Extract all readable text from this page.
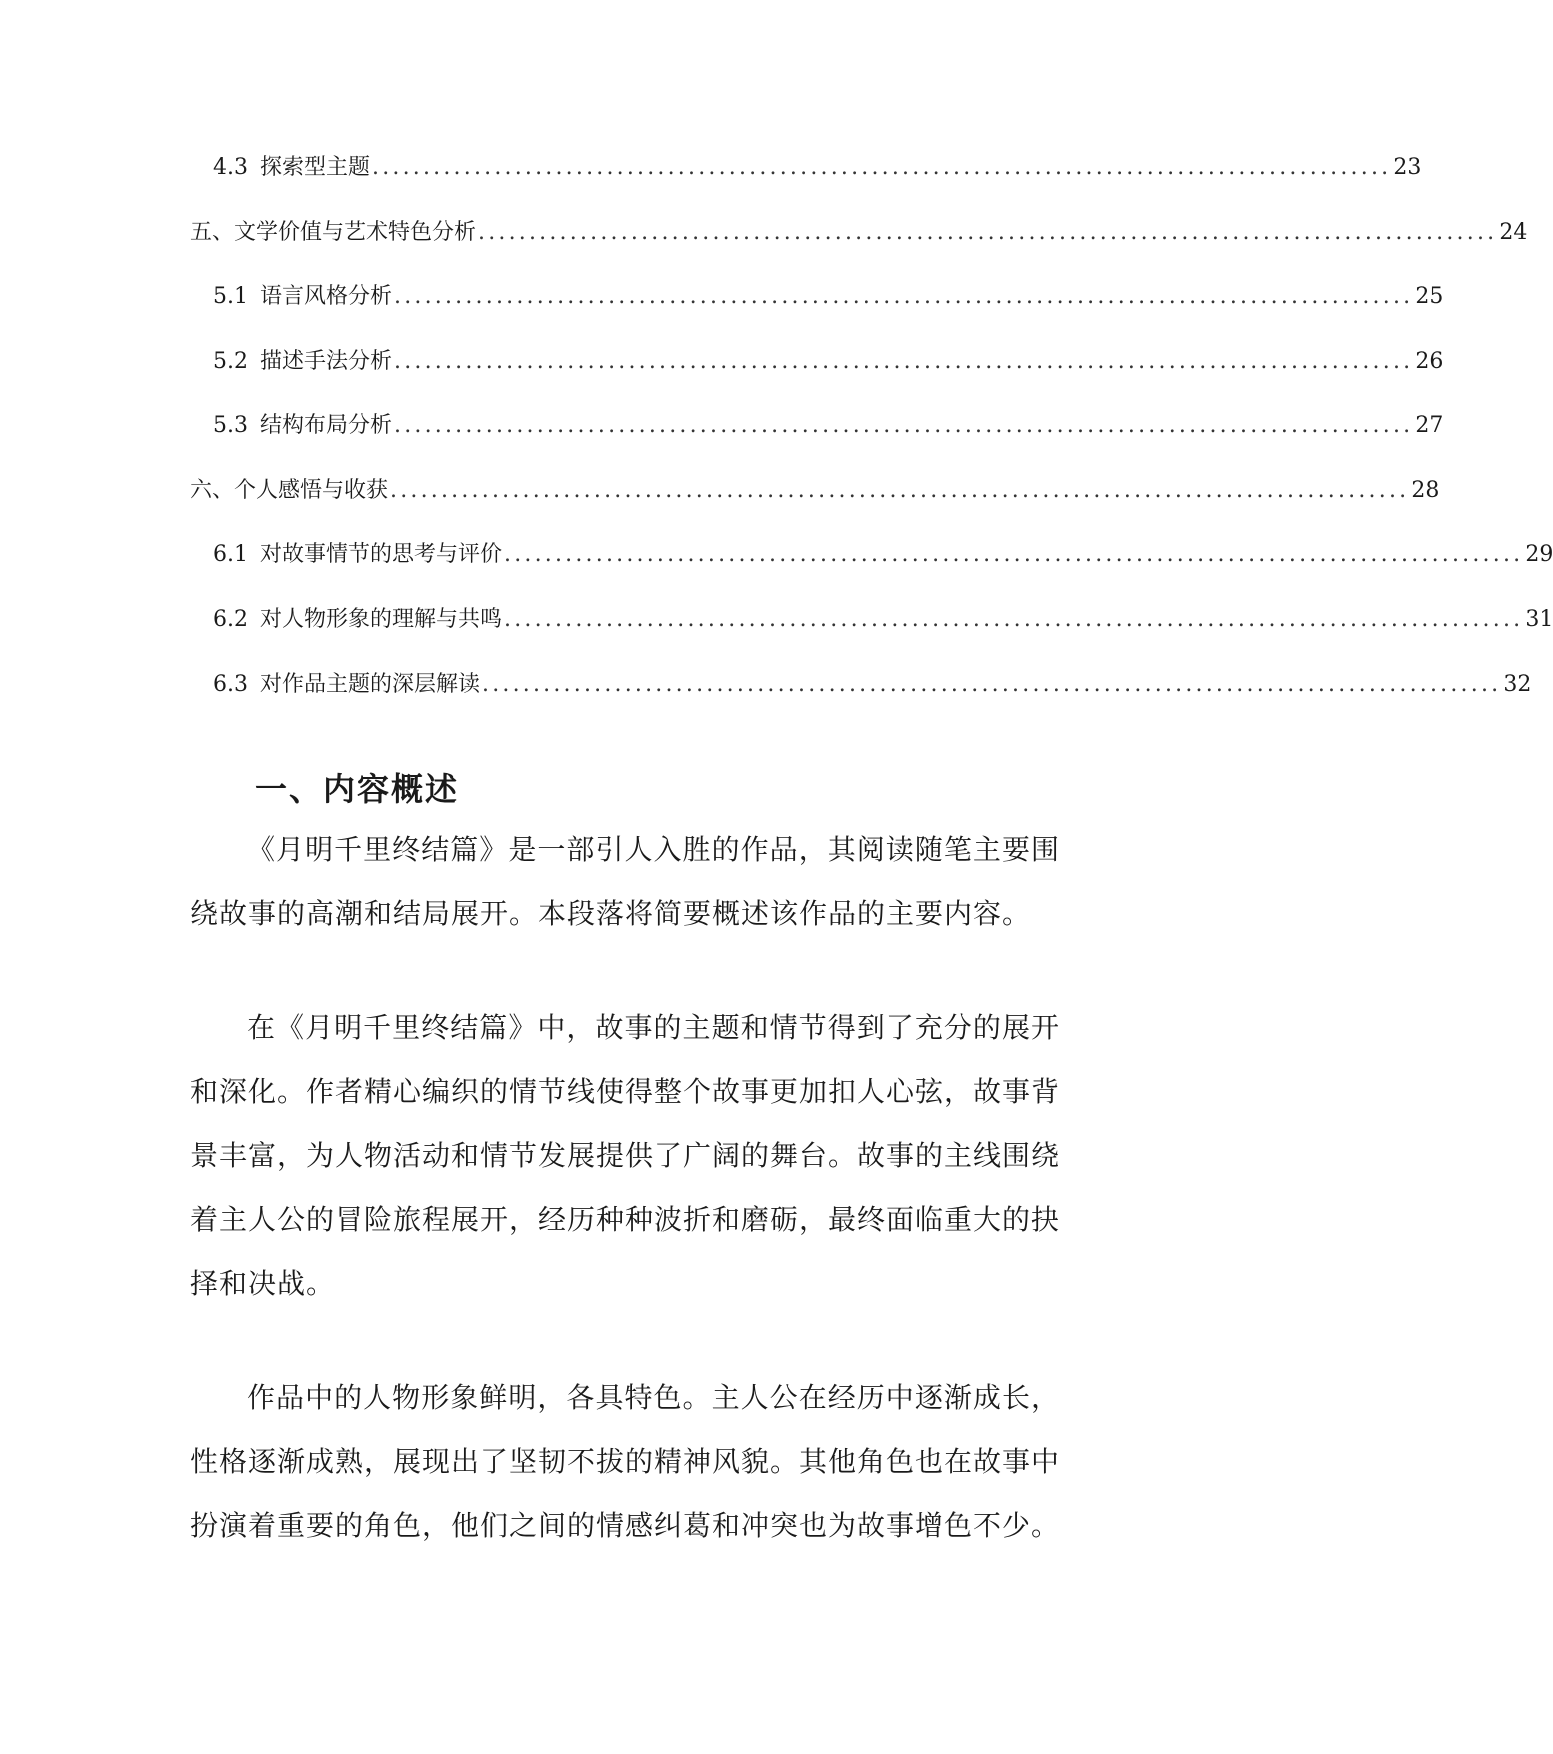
4.3 探索型主题 .................................................................................................... 23
五、文学价值与艺术特色分析 .................................................................................................... 24
5.1 语言风格分析 .................................................................................................... 25
5.2 描述手法分析 .................................................................................................... 26
5.3 结构布局分析 .................................................................................................... 27
六、个人感悟与收获 .................................................................................................... 28
6.1 对故事情节的思考与评价 .................................................................................................... 29
6.2 对人物形象的理解与共鸣 .................................................................................................... 31
6.3 对作品主题的深层解读 .................................................................................................... 32
一、内容概述

《月明千里终结篇》是一部引人入胜的作品，其阅读随笔主要围绕故事的高潮和结局展开。本段落将简要概述该作品的主要内容。

在《月明千里终结篇》中，故事的主题和情节得到了充分的展开和深化。作者精心编织的情节线使得整个故事更加扣人心弦，故事背景丰富，为人物活动和情节发展提供了广阔的舞台。故事的主线围绕着主人公的冒险旅程展开，经历种种波折和磨砺，最终面临重大的抉择和决战。

作品中的人物形象鲜明，各具特色。主人公在经历中逐渐成长，性格逐渐成熟，展现出了坚韧不拔的精神风貌。其他角色也在故事中扮演着重要的角色，他们之间的情感纠葛和冲突也为故事增色不少。
